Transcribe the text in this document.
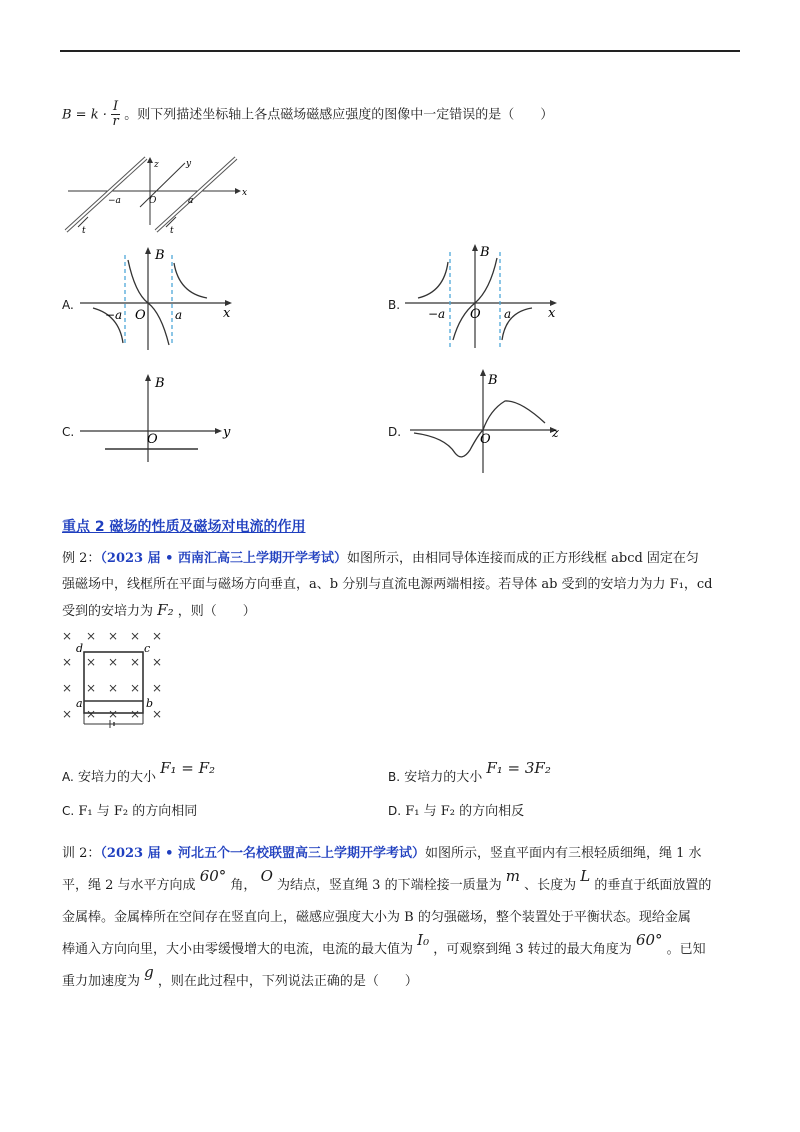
$B = k \cdot \frac{I}{r}$ 。则下列描述坐标轴上各点磁场磁感应强度的图像中一定错误的是（　　）
z	y
x
−a	O	a
t	t
A.
B
x
−a O a
B.
B
x
−a O a
C.
B
y
O	D.
B
z
O
重点 2 磁场的性质及磁场对电流的作用
例 2：（2023 届 • 西南汇高三上学期开学考试）如图所示，由相同导体连接而成的正方形线框 abcd 固定在匀
强磁场中，线框所在平面与磁场方向垂直，a、b 分别与直流电源两端相接。若导体 ab 受到的安培力为力 F₁，cd
受到的安培力为 F₂ ，则（　　）
× × × × ×
× × × × ×
× × × × ×
× × × × ×
d	c
a	b
A. 安培力的大小 F₁ = F₂	B. 安培力的大小 F₁ = 3F₂
C. F₁ 与 F₂ 的方向相同	D. F₁ 与 F₂ 的方向相反
训 2：（2023 届 • 河北五个一名校联盟高三上学期开学考试）如图所示，竖直平面内有三根轻质细绳，绳 1 水
平，绳 2 与水平方向成 60° 角， O 为结点，竖直绳 3 的下端栓接一质量为 m 、长度为 L 的垂直于纸面放置的
金属棒。金属棒所在空间存在竖直向上，磁感应强度大小为 B 的匀强磁场，整个装置处于平衡状态。现给金属
棒通入方向向里，大小由零缓慢增大的电流，电流的最大值为 I₀ ，可观察到绳 3 转过的最大角度为 60° 。已知
重力加速度为 g ，则在此过程中，下列说法正确的是（　　）
